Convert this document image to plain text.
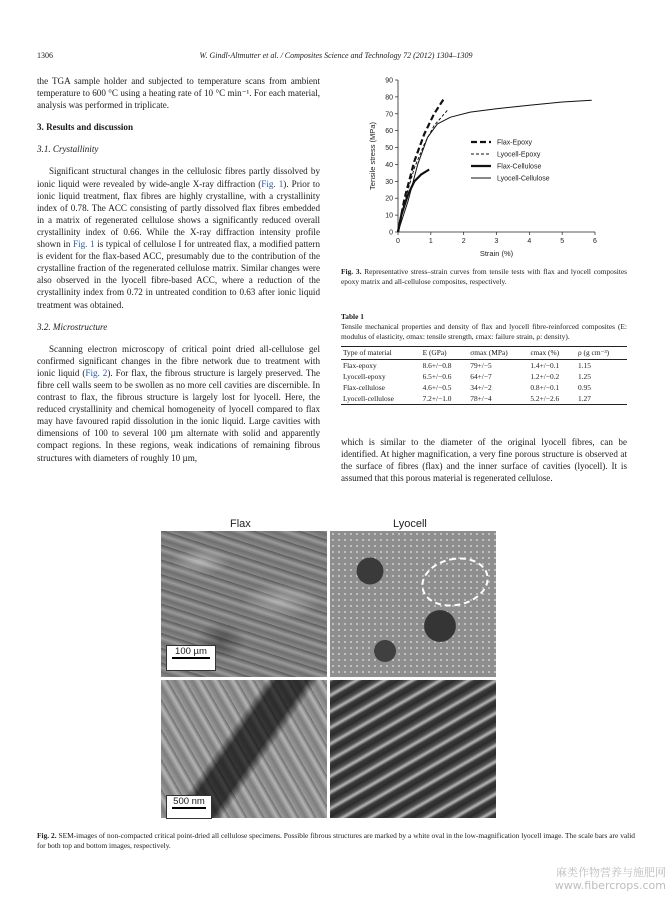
1306	W. Gindl-Altmutter et al. / Composites Science and Technology 72 (2012) 1304–1309

the TGA sample holder and subjected to temperature scans from ambient temperature to 600 °C using a heating rate of 10 °C min⁻¹. For each material, analysis was performed in triplicate.

3. Results and discussion

3.1. Crystallinity

Significant structural changes in the cellulosic fibres partly dissolved by ionic liquid were revealed by wide-angle X-ray diffraction (Fig. 1). Prior to ionic liquid treatment, flax fibres are highly crystalline, with a crystallinity index of 0.78. The ACC consisting of partly dissolved flax fibres embedded in a matrix of regenerated cellulose shows a significantly reduced overall crystallinity index of 0.66. While the X-ray diffraction intensity profile shown in Fig. 1 is typical of cellulose I for untreated flax, a modified pattern is evident for the flax-based ACC, presumably due to the contribution of the crystalline fraction of the regenerated cellulose matrix. Similar changes were also observed in the lyocell fibre-based ACC, where a reduction of the crystallinity index from 0.72 in untreated condition to 0.63 after ionic liquid treatment was obtained.

3.2. Microstructure

Scanning electron microscopy of critical point dried all-cellulose gel confirmed significant changes in the fibre network due to treatment with ionic liquid (Fig. 2). For flax, the fibrous structure is largely preserved. The fibre cell walls seem to be swollen as no more cell cavities are discernible. In contrast to flax, the fibrous structure is largely lost for lyocell. Here, the reduced crystallinity and chemical homogeneity of lyocell compared to flax may have favoured rapid dissolution in the ionic liquid. Large cavities with dimensions of 100 to several 100 µm alternate with solid and apparently compact regions. In these regions, weak indications of remaining fibrous structures with diameters of roughly 10 µm,

0
10
20
30
40
50
60
70
80
90
0	1	2	3	4	5	6
Strain (%)
Tensile stress (MPa)	Flax-Epoxy
Lyocell-Epoxy
Flax-Cellulose
Lyocell-Cellulose
Fig. 3. Representative stress–strain curves from tensile tests with flax and lyocell composites epoxy matrix and all-cellulose composites, respectively.
Table 1
Tensile mechanical properties and density of flax and lyocell fibre-reinforced composites (E: modulus of elasticity, σmax: tensile strength, εmax: failure strain, ρ: density).
Type of material	E (GPa)	σmax (MPa)	εmax (%)	ρ (g cm⁻³)
Flax-epoxy	8.6+/−0.8	79+/−5	1.4+/−0.1	1.15
Lyocell-epoxy	6.5+/−0.6	64+/−7	1.2+/−0.2	1.25
Flax-cellulose	4.6+/−0.5	34+/−2	0.8+/−0.1	0.95
Lyocell-cellulose	7.2+/−1.0	78+/−4	5.2+/−2.6	1.27

which is similar to the diameter of the original lyocell fibres, can be identified. At higher magnification, a very fine porous structure is observed at the surface of fibres (flax) and the inner surface of cavities (lyocell). It is assumed that this porous material is regenerated cellulose.

Flax	Lyocell
100 µm
500 nm
Fig. 2. SEM-images of non-compacted critical point-dried all cellulose specimens. Possible fibrous structures are marked by a white oval in the low-magnification lyocell image. The scale bars are valid for both top and bottom images, respectively.
麻类作物营养与施肥网
www.fibercrops.com
